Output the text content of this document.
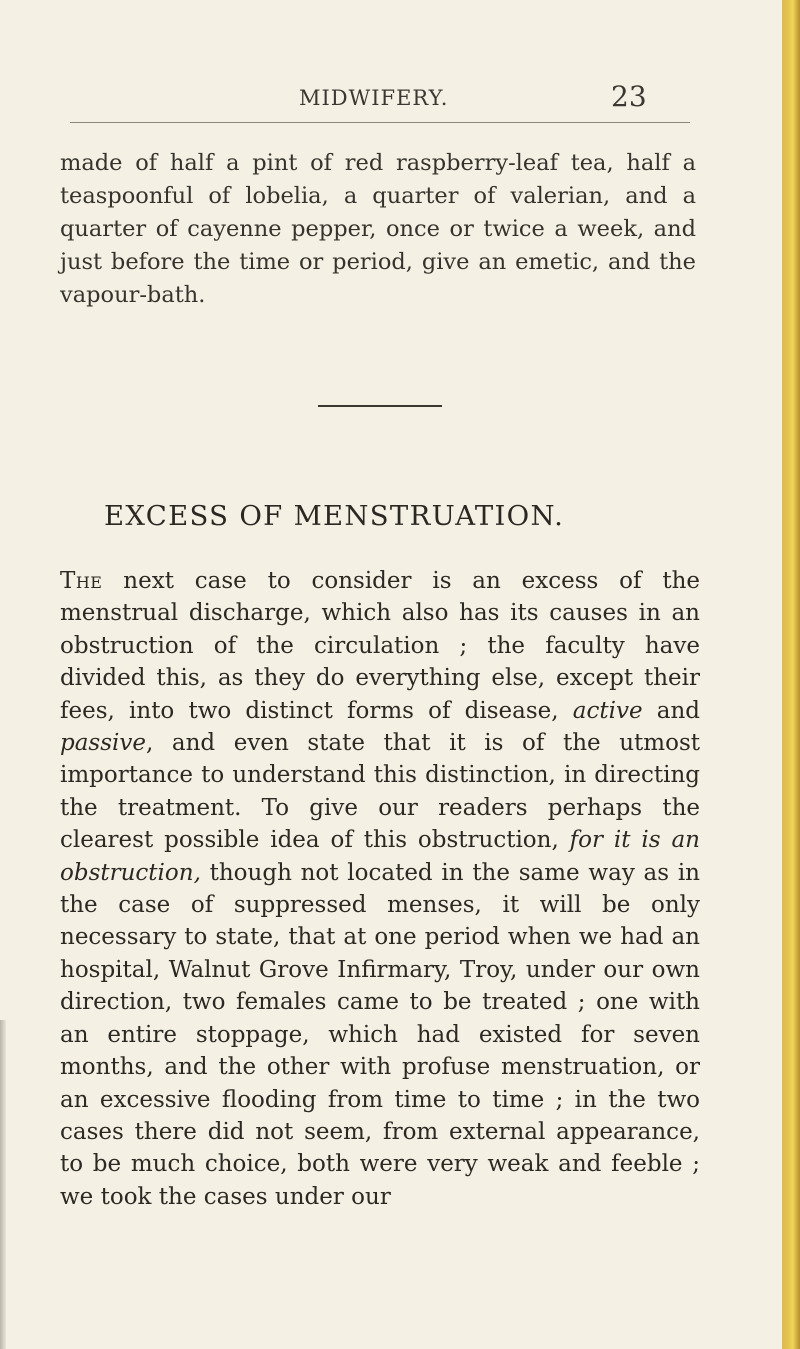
MIDWIFERY.	23
made of half a pint of red raspberry-leaf tea, half a teaspoonful of lobelia, a quarter of valerian, and a quarter of cayenne pepper, once or twice a week, and just before the time or period, give an emetic, and the vapour-bath.
EXCESS OF MENSTRUATION.

The next case to consider is an excess of the menstrual discharge, which also has its causes in an obstruction of the circulation ; the faculty have divided this, as they do everything else, except their fees, into two distinct forms of disease, active and passive, and even state that it is of the utmost importance to understand this distinction, in directing the treatment. To give our readers perhaps the clearest possible idea of this obstruction, for it is an obstruction, though not located in the same way as in the case of suppressed menses, it will be only necessary to state, that at one period when we had an hospital, Walnut Grove Infirmary, Troy, under our own direction, two females came to be treated ; one with an entire stoppage, which had existed for seven months, and the other with profuse menstruation, or an excessive flooding from time to time ; in the two cases there did not seem, from external appearance, to be much choice, both were very weak and feeble ; we took the cases under our
